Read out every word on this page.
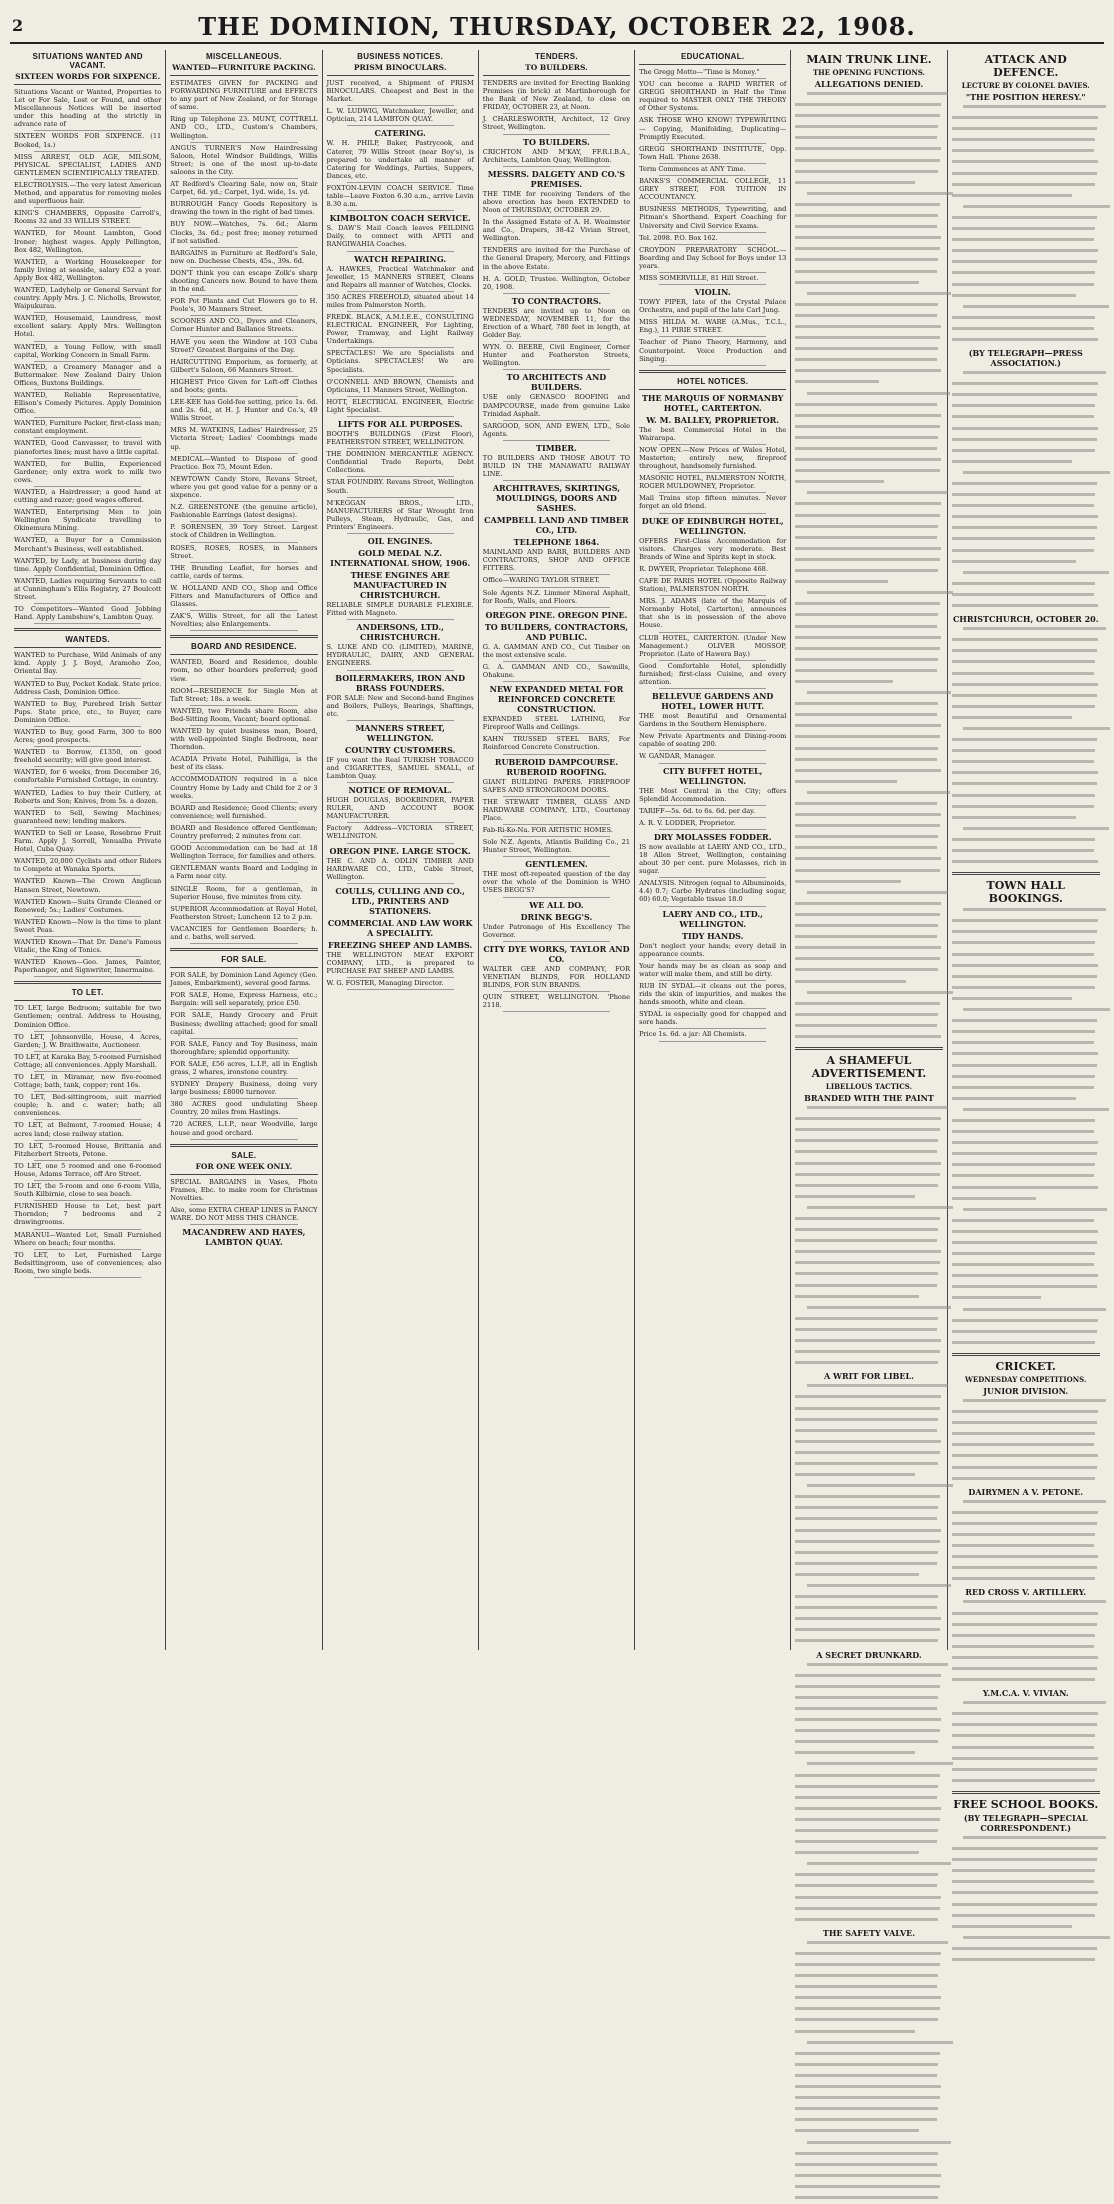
2	THE DOMINION, THURSDAY, OCTOBER 22, 1908.
SITUATIONS WANTED AND VACANT.
SIXTEEN WORDS FOR SIXPENCE.
Situations Vacant or Wanted, Properties to Let or For Sale, Lost or Found, and other Miscellaneous Notices will be inserted under this heading at the strictly in advance rate of
SIXTEEN WORDS FOR SIXPENCE. (11 Booked, 1s.)
MISS ARREST, OLD AGE, MILSOM, PHYSICAL SPECIALIST, LADIES AND GENTLEMEN SCIENTIFICALLY TREATED.
ELECTROLYSIS.—The very latest American Method, and apparatus for removing moles and superfluous hair.
KING'S CHAMBERS, Opposite Carroll's, Rooms 32 and 33 WILLIS STREET.
WANTED, for Mount Lambton, Good Ironer; highest wages. Apply Pellington, Box 482, Wellington.
WANTED, a Working Housekeeper for family living at seaside, salary £52 a year. Apply Box 482, Wellington.
WANTED, Ladyhelp or General Servant for country. Apply Mrs. J. C. Nicholls, Brewster, Waipukurau.
WANTED, Housemaid, Laundress, most excellent salary. Apply Mrs. Wellington Hotel.
WANTED, a Young Fellow, with small capital, Working Concern in Small Farm.
WANTED, a Creamery Manager and a Buttermaker. New Zealand Dairy Union Offices, Buxtons Buildings.
WANTED, Reliable Representative, Ellison's Comedy Pictures. Apply Dominion Office.
WANTED, Furniture Packer, first-class man; constant employment.
WANTED, Good Canvasser, to travel with pianofortes lines; must have a little capital.
WANTED, for Bullin, Experienced Gardener; only extra work to milk two cows.
WANTED, a Hairdresser; a good hand at cutting and razor; good wages offered.
WANTED, Enterprising Men to join Wellington Syndicate travelling to Okinemura Mining.
WANTED, a Buyer for a Commission Merchant's Business, well established.
WANTED, by Lady, at business during day time. Apply Confidential, Dominion Office.
WANTED, Ladies requiring Servants to call at Cunningham's Ellis Registry, 27 Boulcott Street.
TO Competitors—Wanted Good Jobbing Hand. Apply Lambshuw's, Lambton Quay.
WANTEDS.
WANTED to Purchase, Wild Animals of any kind. Apply J. J. Boyd, Aramoho Zoo, Oriental Bay.
WANTED to Buy, Pocket Kodak. State price. Address Cash, Dominion Office.
WANTED to Buy, Purebred Irish Setter Pups. State price, etc., to Buyer, care Dominion Office.
WANTED to Buy, good Farm, 300 to 800 Acres; good prospects.
WANTED to Borrow, £1350, on good freehold security; will give good interest.
WANTED, for 6 weeks, from December 26, comfortable Furnished Cottage, in country.
WANTED, Ladies to buy their Cutlery, at Roberts and Son; Knives, from 5s. a dozen.
WANTED to Sell, Sewing Machines; guaranteed new; lending makers.
WANTED to Sell or Lease, Rosebrae Fruit Farm. Apply J. Sorrell, Yenualba Private Hotel, Cuba Quay.
WANTED, 20,000 Cyclists and other Riders to Compete at Wanaka Sports.
WANTED Known—The Crown Anglican Hansen Street, Newtown.
WANTED Known—Suits Grande Cleaned or Renewed; 5s.; Ladies' Costumes.
WANTED Known—Now is the time to plant Sweet Peas.
WANTED Known—That Dr. Dane's Famous Vitalic, the King of Tonics.
WANTED Known—Geo. James, Painter, Paperhanger, and Signwriter, Innermaine.
TO LET.
TO LET, large Bedroom; suitable for two Gentlemen; central. Address to Housing, Dominion Office.
TO LET, Johnsonville, House, 4 Acres, Garden; J. W. Braithwaite, Auctioneer.
TO LET, at Karaka Bay, 5-roomed Furnished Cottage; all conveniences. Apply Marshall.
TO LET, in Miramar, new five-roomed Cottage; bath, tank, copper; rent 16s.
TO LET, Bed-sittingroom, suit married couple; h. and c. water; bath; all conveniences.
TO LET, at Belmont, 7-roomed House; 4 acres land; close railway station.
TO LET, 5-roomed House, Brittania and Fitzherbert Streets, Petone.
TO LET, one 5 roomed and one 6-roomed House, Adams Terrace, off Aro Street.
TO LET, the 5-room and one 6-room Villa, South Kilbirnie, close to sea beach.
FURNISHED House to Let, best part Thorndon; 7 bedrooms and 2 drawingrooms.
MARANUI—Wanted Let, Small Furnished Where on beach; four months.
TO LET, to Let, Furnished Large Bedsittingroom, use of conveniences; also Room, two single beds.
MISCELLANEOUS.
WANTED—FURNITURE PACKING.
ESTIMATES GIVEN for PACKING and FORWARDING FURNITURE and EFFECTS to any part of New Zealand, or for Storage of same.
Ring up Telephone 23. MUNT, COTTRELL AND CO., LTD., Custom's Chambers, Wellington.
ANGUS TURNER'S New Hairdressing Saloon, Hotel Windsor Buildings, Willis Street; is one of the most up-to-date saloons in the City.
AT Redford's Clearing Sale, now on, Stair Carpet, 6d. yd.; Carpet, 1yd. wide, 1s. yd.
BURROUGH Fancy Goods Repository is drawing the town in the right of bad times.
BUY NOW.—Watches, 7s. 6d.; Alarm Clocks, 3s. 6d.; post free; money returned if not satisfied.
BARGAINS in Furniture at Redford's Sale, now on. Duchesse Chests, 45s., 39s. 6d.
DON'T think you can escape Zolk's sharp shooting Cancers now. Bound to have them in the end.
FOR Pot Plants and Cut Flowers go to H. Poole's, 30 Manners Street.
SCOONES AND CO., Dyers and Cleaners, Corner Hunter and Ballance Streets.
HAVE you seen the Window at 103 Cuba Street? Greatest Bargains of the Day.
HAIRCUTTING Emporium, as formerly, at Gilbert's Saloon, 66 Manners Street.
HIGHEST Price Given for Left-off Clothes and boots; gents.
LEE-KEE has Gold-fee setting, price 1s. 6d. and 2s. 6d., at H. J. Hunter and Co.'s, 49 Willis Street.
MRS M. WATKINS, Ladies' Hairdresser, 25 Victoria Street; Ladies' Coombings made up.
MEDICAL—Wanted to Dispose of good Practice. Box 75, Mount Eden.
NEWTOWN Candy Store, Revans Street, where you get good value for a penny or a sixpence.
N.Z. GREENSTONE (the genuine article), Fashionable Earrings (latest designs).
P. SORENSEN, 39 Tory Street. Largest stock of Children in Wellington.
ROSES, ROSES, ROSES, in Manners Street.
THE Brunding Leaflet, for horses and cattle, cards of terms.
W. HOLLAND AND CO., Shop and Office Fitters and Manufacturers of Office and Glasses.
ZAK'S, Willis Street, for all the Latest Novelties; also Enlargements.
BOARD AND RESIDENCE.
WANTED, Board and Residence, double room, no other boarders preferred; good view.
ROOM—RESIDENCE for Single Men at Taft Street; 18s. a week.
WANTED, two Friends share Room, also Bed-Sitting Room, Vacant; board optional.
WANTED by quiet business man, Board, with well-appointed Single Bedroom, near Thorndon.
ACADIA Private Hotel, Paihilliga, is the best of its class.
ACCOMMODATION required in a nice Country Home by Lady and Child for 2 or 3 weeks.
BOARD and Residence; Good Clients; every convenience; well furnished.
BOARD and Residence offered Gentleman; Country preferred; 2 minutes from car.
GOOD Accommodation can be had at 18 Wellington Terrace, for families and others.
GENTLEMAN wants Board and Lodging in a Farm near city.
SINGLE Room, for a gentleman, in Superior House, five minutes from city.
SUPERIOR Accommodation at Royal Hotel, Featherston Street; Luncheon 12 to 2 p.m.
VACANCIES for Gentlemen Boarders; h. and c. baths, well served.
FOR SALE.
FOR SALE, by Dominion Land Agency (Geo. James, Embarkment), several good farms.
FOR SALE, Home, Express Harness, etc.; Bargain: will sell separately, price £50.
FOR SALE, Handy Grocery and Fruit Business; dwelling attached; good for small capital.
FOR SALE, Fancy and Toy Business, main thoroughfare; splendid opportunity.
FOR SALE, £56 acres, L.I.P., all in English grass, 2 whares, ironstone country.
SYDNEY Drapery Business, doing very large business; £8000 turnover.
380 ACRES good undulating Sheep Country, 20 miles from Hastings.
720 ACRES, L.I.P., near Woodville, large house and good orchard.
SALE.
FOR ONE WEEK ONLY.
SPECIAL BARGAINS in Vases, Photo Frames, Ebc. to make room for Christmas Novelties.
Also, some EXTRA CHEAP LINES in FANCY WARE. DO NOT MISS THIS CHANCE.
MACANDREW AND HAYES, LAMBTON QUAY.
BUSINESS NOTICES.
PRISM BINOCULARS.
JUST received, a Shipment of PRISM BINOCULARS. Cheapest and Best in the Market.
L. W. LUDWIG, Watchmaker, Jeweller, and Optician, 214 LAMBTON QUAY.
CATERING.
W. H. PHILP, Baker, Pastrycook, and Caterer, 79 Willis Street (near Boy's), is prepared to undertake all manner of Catering for Weddings, Parties, Suppers, Dances, etc.
FOXTON-LEVIN COACH SERVICE. Time table—Leave Foxton 6.30 a.m., arrive Levin 8.30 a.m.
KIMBOLTON COACH SERVICE.
S. DAW'S Mail Coach leaves FEILDING Daily, to connect with APITI and RANGIWAHIA Coaches.
WATCH REPAIRING.
A. HAWKES, Practical Watchmaker and Jeweller, 15 MANNERS STREET, Cleans and Repairs all manner of Watches, Clocks.
350 ACRES FREEHOLD, situated about 14 miles from Palmerston North.
FREDK. BLACK, A.M.I.E.E., CONSULTING ELECTRICAL ENGINEER, For Lighting, Power, Tramway, and Light Railway Undertakings.
SPECTACLES! We are Specialists and Opticians. SPECTACLES! We are Specialists.
O'CONNELL AND BROWN, Chemists and Opticians, 11 Manners Street, Wellington.
HOTT, ELECTRICAL ENGINEER, Electric Light Specialist.
LIFTS FOR ALL PURPOSES.
BOOTH'S BUILDINGS (First Floor), FEATHERSTON STREET, WELLINGTON.
THE DOMINION MERCANTILE AGENCY. Confidential Trade Reports, Debt Collections.
STAR FOUNDRY. Revans Street, Wellington South.
M'KEGGAN BROS., LTD., MANUFACTURERS of Star Wrought Iron Pulleys, Steam, Hydraulic, Gas, and Printers' Engineers.
OIL ENGINES.
GOLD MEDAL N.Z. INTERNATIONAL SHOW, 1906.
THESE ENGINES ARE MANUFACTURED IN CHRISTCHURCH.
RELIABLE SIMPLE DURABLE FLEXIBLE. Fitted with Magneto.
ANDERSONS, LTD., CHRISTCHURCH.
S. LUKE AND CO. (LIMITED), MARINE, HYDRAULIC, DAIRY, AND GENERAL ENGINEERS.
BOILERMAKERS, IRON AND BRASS FOUNDERS.
FOR SALE: New and Second-hand Engines and Boilers, Pulleys, Bearings, Shaftings, etc.
MANNERS STREET, WELLINGTON.
COUNTRY CUSTOMERS.
IF you want the Real TURKISH TOBACCO and CIGARETTES, SAMUEL SMALL, of Lambton Quay.
NOTICE OF REMOVAL.
HUGH DOUGLAS, BOOKBINDER, PAPER RULER, AND ACCOUNT BOOK MANUFACTURER.
Factory Address—VICTORIA STREET, WELLINGTON.
OREGON PINE. LARGE STOCK.
THE C. AND A. ODLIN TIMBER AND HARDWARE CO., LTD., Cable Street, Wellington.
COULLS, CULLING AND CO., LTD., PRINTERS AND STATIONERS.
COMMERCIAL AND LAW WORK A SPECIALITY.
FREEZING SHEEP AND LAMBS.
THE WELLINGTON MEAT EXPORT COMPANY, LTD., is prepared to PURCHASE FAT SHEEP AND LAMBS.
W. G. FOSTER, Managing Director.
TENDERS.
TO BUILDERS.
TENDERS are invited for Erecting Banking Premises (in brick) at Martinborough for the Bank of New Zealand, to close on FRIDAY, OCTOBER 23, at Noon.
J. CHARLESWORTH, Architect, 12 Grey Street, Wellington.
TO BUILDERS.
CRICHTON AND M'KAY, FF.R.I.B.A., Architects, Lambton Quay, Wellington.
MESSRS. DALGETY AND CO.'S PREMISES.
THE TIME for receiving Tenders of the above erection has been EXTENDED to Noon of THURSDAY, OCTOBER 29.
In the Assigned Estate of A. H. Weaimster and Co., Drapers, 38-42 Vivian Street, Wellington.
TENDERS are invited for the Purchase of the General Drapery, Mercery, and Fittings in the above Estate.
H. A. GOLD, Trustee. Wellington, October 20, 1908.
TO CONTRACTORS.
TENDERS are invited up to Noon on WEDNESDAY, NOVEMBER 11, for the Erection of a Wharf, 780 feet in length, at Golder Bay.
WYN. O. BEERE, Civil Engineer, Corner Hunter and Featherston Streets, Wellington.
TO ARCHITECTS AND BUILDERS.
USE only GENASCO ROOFING and DAMPCOURSE, made from genuine Lake Trinidad Asphalt.
SARGOOD, SON, AND EWEN, LTD., Sole Agents.
TIMBER.
TO BUILDERS AND THOSE ABOUT TO BUILD IN THE MANAWATU RAILWAY LINE.
ARCHITRAVES, SKIRTINGS, MOULDINGS, DOORS AND SASHES.
CAMPBELL LAND AND TIMBER CO., LTD.
TELEPHONE 1864.
MAINLAND AND BARR, BUILDERS AND CONTRACTORS, SHOP AND OFFICE FITTERS.
Office—WARING TAYLOR STREET.
Sole Agents N.Z. Limmer Mineral Asphalt, for Roofs, Walls, and Floors.
OREGON PINE. OREGON PINE.
TO BUILDERS, CONTRACTORS, AND PUBLIC.
G. A. GAMMAN AND CO., Cut Timber on the most extensive scale.
G. A. GAMMAN AND CO., Sawmills, Ohakune.
NEW EXPANDED METAL FOR REINFORCED CONCRETE CONSTRUCTION.
EXPANDED STEEL LATHING, For Fireproof Walls and Ceilings.
KAHN TRUSSED STEEL BARS, For Reinforced Concrete Construction.
RUBEROID DAMPCOURSE. RUBEROID ROOFING.
GIANT BUILDING PAPERS. FIREPROOF SAFES AND STRONGROOM DOORS.
THE STEWART TIMBER, GLASS AND HARDWARE COMPANY, LTD., Courtenay Place.
Fab-Ri-Ko-Na. FOR ARTISTIC HOMES.
Sole N.Z. Agents, Atlantis Building Co., 21 Hunter Street, Wellington.
GENTLEMEN.
THE most oft-repeated question of the day over the whole of the Dominion is WHO USES BEGG'S?
WE ALL DO.
DRINK BEGG'S.
Under Patronage of His Excellency The Governor.
CITY DYE WORKS, TAYLOR AND CO.
WALTER GEE AND COMPANY, FOR VENETIAN BLINDS, FOR HOLLAND BLINDS, FOR SUN BRANDS.
QUIN STREET, WELLINGTON. 'Phone 2118.
EDUCATIONAL.
The Gregg Motto—"Time is Money."
YOU can become a RAPID WRITER of GREGG SHORTHAND in Half the Time required to MASTER ONLY THE THEORY of Other Systems.
ASK THOSE WHO KNOW! TYPEWRITING — Copying, Manifolding, Duplicating—Promptly Executed.
GREGG SHORTHAND INSTITUTE, Opp. Town Hall. 'Phone 2638.
Term Commences at ANY Time.
BANKS'S COMMERCIAL COLLEGE, 11 GREY STREET, FOR TUITION IN ACCOUNTANCY.
BUSINESS METHODS, Typewriting, and Pitman's Shorthand. Expert Coaching for University and Civil Service Exams.
Tel. 2098. P.O. Box 162.
CROYDON PREPARATORY SCHOOL.—Boarding and Day School for Boys under 13 years.
MISS SOMERVILLE, 81 Hill Street.
VIOLIN.
TOWY PIPER, late of the Crystal Palace Orchestra, and pupil of the late Carl Jung.
MISS HILDA M. WARE (A.Mus., T.C.L., Eng.), 11 PIRIE STREET.
Teacher of Piano Theory, Harmony, and Counterpoint. Voice Production and Singing.
HOTEL NOTICES.
THE MARQUIS OF NORMANBY HOTEL, CARTERTON.
W. M. BALLEY, PROPRIETOR.
The best Commercial Hotel in the Wairarapa.
NOW OPEN.—New Prices of Wales Hotel, Masterton; entirely new, fireproof throughout, handsomely furnished.
MASONIC HOTEL, PALMERSTON NORTH, ROGER MULDOWNEY, Proprietor.
Mail Trains stop fifteen minutes. Never forget an old friend.
DUKE OF EDINBURGH HOTEL, WELLINGTON.
OFFERS First-Class Accommodation for visitors. Charges very moderate. Best Brands of Wine and Spirits kept in stock.
R. DWYER, Proprietor. Telephone 468.
CAFE DE PARIS HOTEL (Opposite Railway Station), PALMERSTON NORTH.
MRS. J. ADAMS (late of the Marquis of Normanby Hotel, Carterton), announces that she is in possession of the above House.
CLUB HOTEL, CARTERTON. (Under New Management.) OLIVER MOSSOP, Proprietor. (Late of Hawera Bay.)
Good Comfortable Hotel, splendidly furnished; first-class Cuisine, and every attention.
BELLEVUE GARDENS AND HOTEL, LOWER HUTT.
THE most Beautiful and Ornamental Gardens in the Southern Hemisphere.
New Private Apartments and Dining-room capable of seating 200.
W. GANDAR, Manager.
CITY BUFFET HOTEL, WELLINGTON.
THE Most Central in the City; offers Splendid Accommodation.
TARIFF—5s. 6d. to 6s. 6d. per day.
A. R. V. LODDER, Proprietor.
DRY MOLASSES FODDER.
IS now available at LAERY AND CO., LTD., 18 Allen Street, Wellington, containing about 30 per cent. pure Molasses, rich in sugar.
ANALYSIS. Nitrogen (equal to Albuminoids, 4.4) 0.7; Carbo Hydrates (including sugar, 60) 60.0; Vegetable tissue 18.0
LAERY AND CO., LTD., WELLINGTON.
TIDY HANDS.
Don't neglect your hands; every detail in appearance counts.
Your hands may be as clean as soap and water will make them, and still be dirty.
RUB IN SYDAL—it cleans out the pores, rids the skin of impurities, and makes the hands smooth, white and clean.
SYDAL is especially good for chapped and sore hands.
Price 1s. 6d. a jar: All Chemists.
MAIN TRUNK LINE.
THE OPENING FUNCTIONS.
ALLEGATIONS DENIED.
A SHAMEFUL ADVERTISEMENT.
LIBELLOUS TACTICS.
BRANDED WITH THE PAINT
A WRIT FOR LIBEL.
A SECRET DRUNKARD.
THE SAFETY VALVE.
ATTACK AND DEFENCE.
LECTURE BY COLONEL DAVIES.
"THE POSITION HERESY."
(BY TELEGRAPH—PRESS ASSOCIATION.)
CHRISTCHURCH, OCTOBER 20.
TOWN HALL BOOKINGS.
CRICKET.
WEDNESDAY COMPETITIONS.
JUNIOR DIVISION.
DAIRYMEN A V. PETONE.
RED CROSS V. ARTILLERY.
Y.M.C.A. V. VIVIAN.
FREE SCHOOL BOOKS.
(BY TELEGRAPH—SPECIAL CORRESPONDENT.)
